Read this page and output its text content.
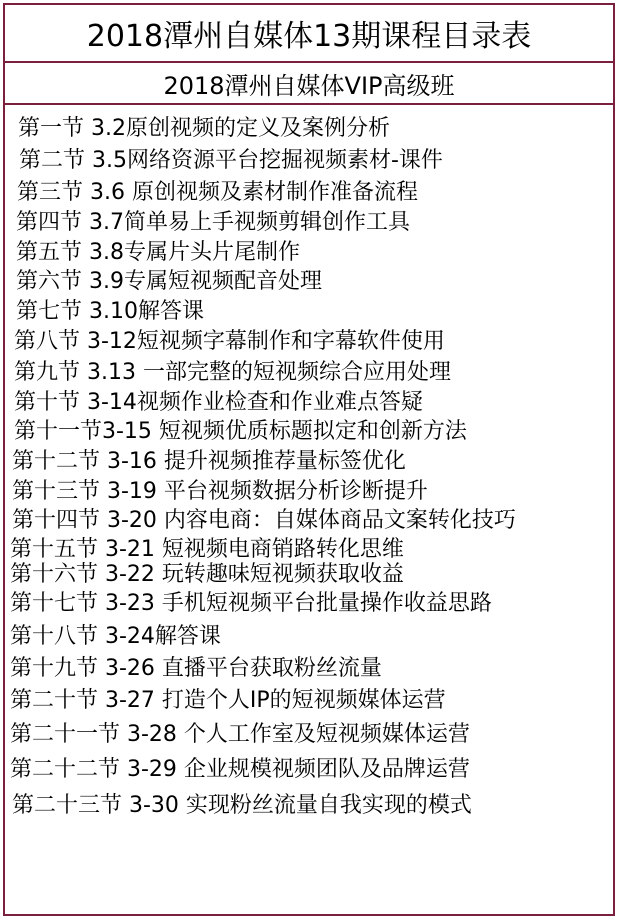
2018潭州自媒体13期课程目录表
2018潭州自媒体VIP高级班
第一节 3.2原创视频的定义及案例分析
第二节 3.5网络资源平台挖掘视频素材-课件
第三节 3.6 原创视频及素材制作准备流程
第四节 3.7简单易上手视频剪辑创作工具
第五节 3.8专属片头片尾制作
第六节 3.9专属短视频配音处理
第七节 3.10解答课
第八节 3-12短视频字幕制作和字幕软件使用
第九节 3.13 一部完整的短视频综合应用处理
第十节 3-14视频作业检查和作业难点答疑
第十一节3-15 短视频优质标题拟定和创新方法
第十二节 3-16 提升视频推荐量标签优化
第十三节 3-19 平台视频数据分析诊断提升
第十四节 3-20 内容电商：自媒体商品文案转化技巧
第十五节 3-21 短视频电商销路转化思维
第十六节 3-22 玩转趣味短视频获取收益
第十七节 3-23 手机短视频平台批量操作收益思路
第十八节 3-24解答课
第十九节 3-26 直播平台获取粉丝流量
第二十节 3-27 打造个人IP的短视频媒体运营
第二十一节 3-28 个人工作室及短视频媒体运营
第二十二节 3-29 企业规模视频团队及品牌运营
第二十三节 3-30 实现粉丝流量自我实现的模式
